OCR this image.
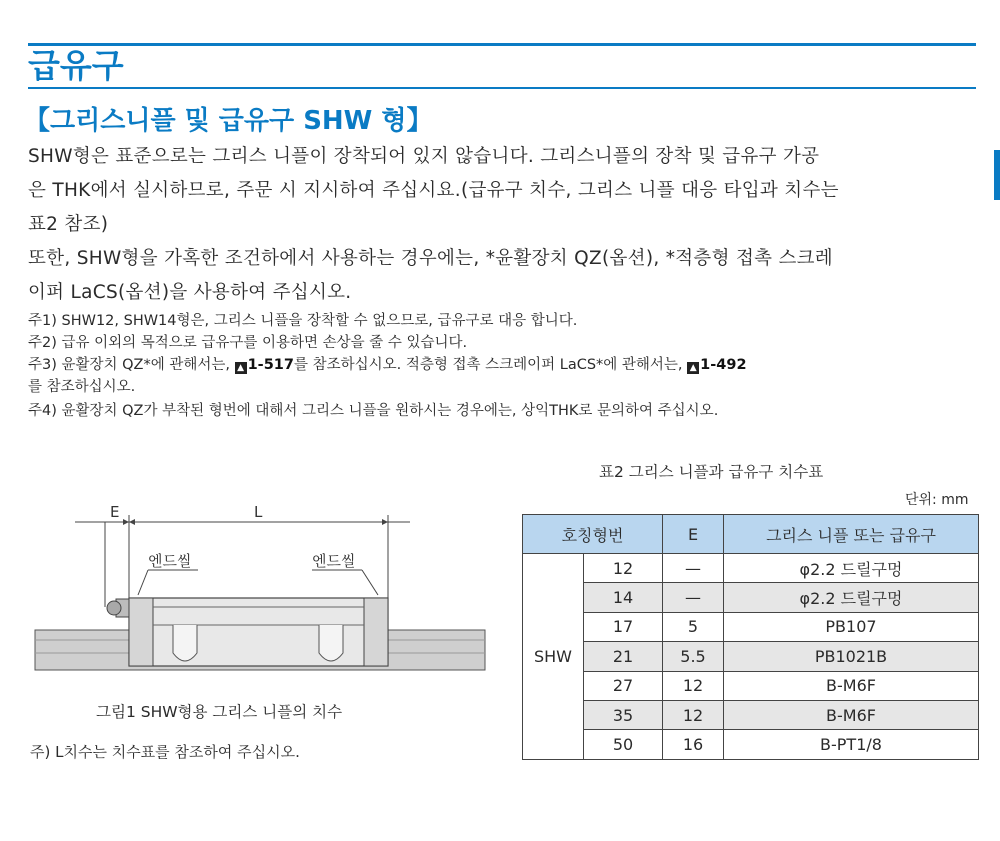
급유구
【그리스니플 및 급유구 SHW 형】

SHW형은 표준으로는 그리스 니플이 장착되어 있지 않습니다. 그리스니플의 장착 및 급유구 가공
은 THK에서 실시하므로, 주문 시 지시하여 주십시요.(급유구 치수, 그리스 니플 대응 타입과 치수는
표2 참조)

또한, SHW형을 가혹한 조건하에서 사용하는 경우에는, *윤활장치 QZ(옵션), *적층형 접촉 스크레
이퍼 LaCS(옵션)을 사용하여 주십시오.

주1) SHW12, SHW14형은, 그리스 니플을 장착할 수 없으므로, 급유구로 대응 합니다.

주2) 급유 이외의 목적으로 급유구를 이용하면 손상을 줄 수 있습니다.

주3) 윤활장치 QZ*에 관해서는, ▲ 1-517를 참조하십시오. 적층형 접촉 스크레이퍼 LaCS*에 관해서는, ▲ 1-492
를 참조하십시오.

주4) 윤활장치 QZ가 부착된 형번에 대해서 그리스 니플을 원하시는 경우에는, 상익THK로 문의하여 주십시오.

E	L
엔드씰	엔드씰

그림1 SHW형용 그리스 니플의 치수

주) L치수는 치수표를 참조하여 주십시오.

표2 그리스 니플과 급유구 치수표

단위: mm

호칭형번		E	그리스 니플 또는 급유구
SHW	12	—	φ2.2 드릴구멍
	14	—	φ2.2 드릴구멍
	17	5	PB107
	21	5.5	PB1021B
	27	12	B-M6F
	35	12	B-M6F
	50	16	B-PT1/8
